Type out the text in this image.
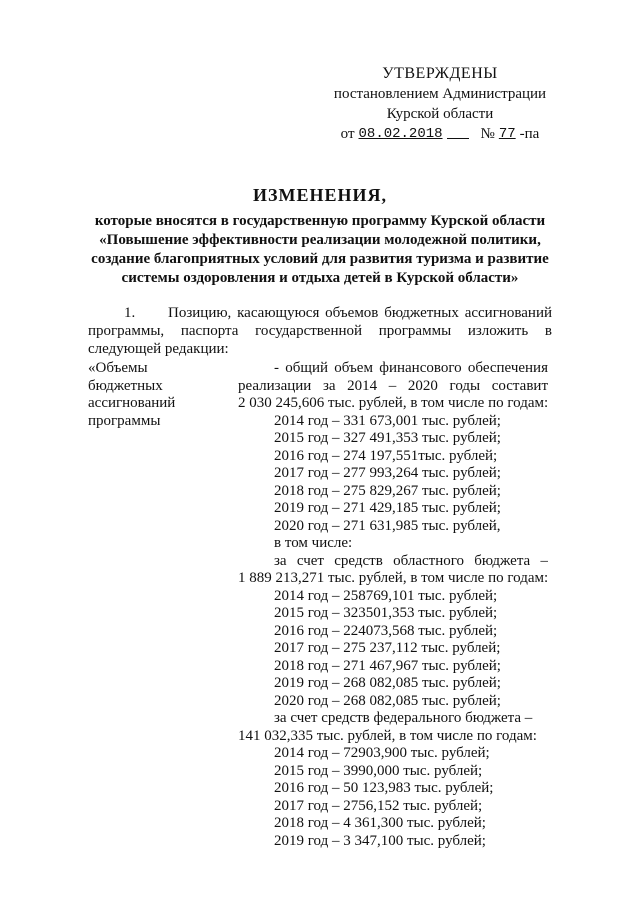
УТВЕРЖДЕНЫ
постановлением Администрации
Курской области
от 08.02.2018	№ 77 -па
ИЗМЕНЕНИЯ,
которые вносятся в государственную программу Курской области
«Повышение эффективности реализации молодежной политики,
создание благоприятных условий для развития туризма и развитие
системы оздоровления и отдыха детей в Курской области»
1. Позицию, касающуюся объемов бюджетных ассигнований программы, паспорта государственной программы изложить в следующей редакции:
«Объемы
бюджетных
ассигнований
программы
- общий объем финансового обеспечения
реализации за 2014 – 2020 годы составит
2 030 245,606 тыс. рублей, в том числе по годам:
2014 год – 331 673,001 тыс. рублей;
2015 год – 327 491,353 тыс. рублей;
2016 год – 274 197,551тыс. рублей;
2017 год – 277 993,264 тыс. рублей;
2018 год – 275 829,267 тыс. рублей;
2019 год – 271 429,185 тыс. рублей;
2020 год – 271 631,985 тыс. рублей,
в том числе:
за счет средств областного бюджета –
1 889 213,271 тыс. рублей, в том числе по годам:
2014 год – 258769,101 тыс. рублей;
2015 год – 323501,353 тыс. рублей;
2016 год – 224073,568 тыс. рублей;
2017 год – 275 237,112 тыс. рублей;
2018 год – 271 467,967 тыс. рублей;
2019 год – 268 082,085 тыс. рублей;
2020 год – 268 082,085 тыс. рублей;
за счет средств федерального бюджета –
141 032,335 тыс. рублей, в том числе по годам:
2014 год – 72903,900 тыс. рублей;
2015 год – 3990,000 тыс. рублей;
2016 год – 50 123,983 тыс. рублей;
2017 год – 2756,152 тыс. рублей;
2018 год – 4 361,300 тыс. рублей;
2019 год – 3 347,100 тыс. рублей;
